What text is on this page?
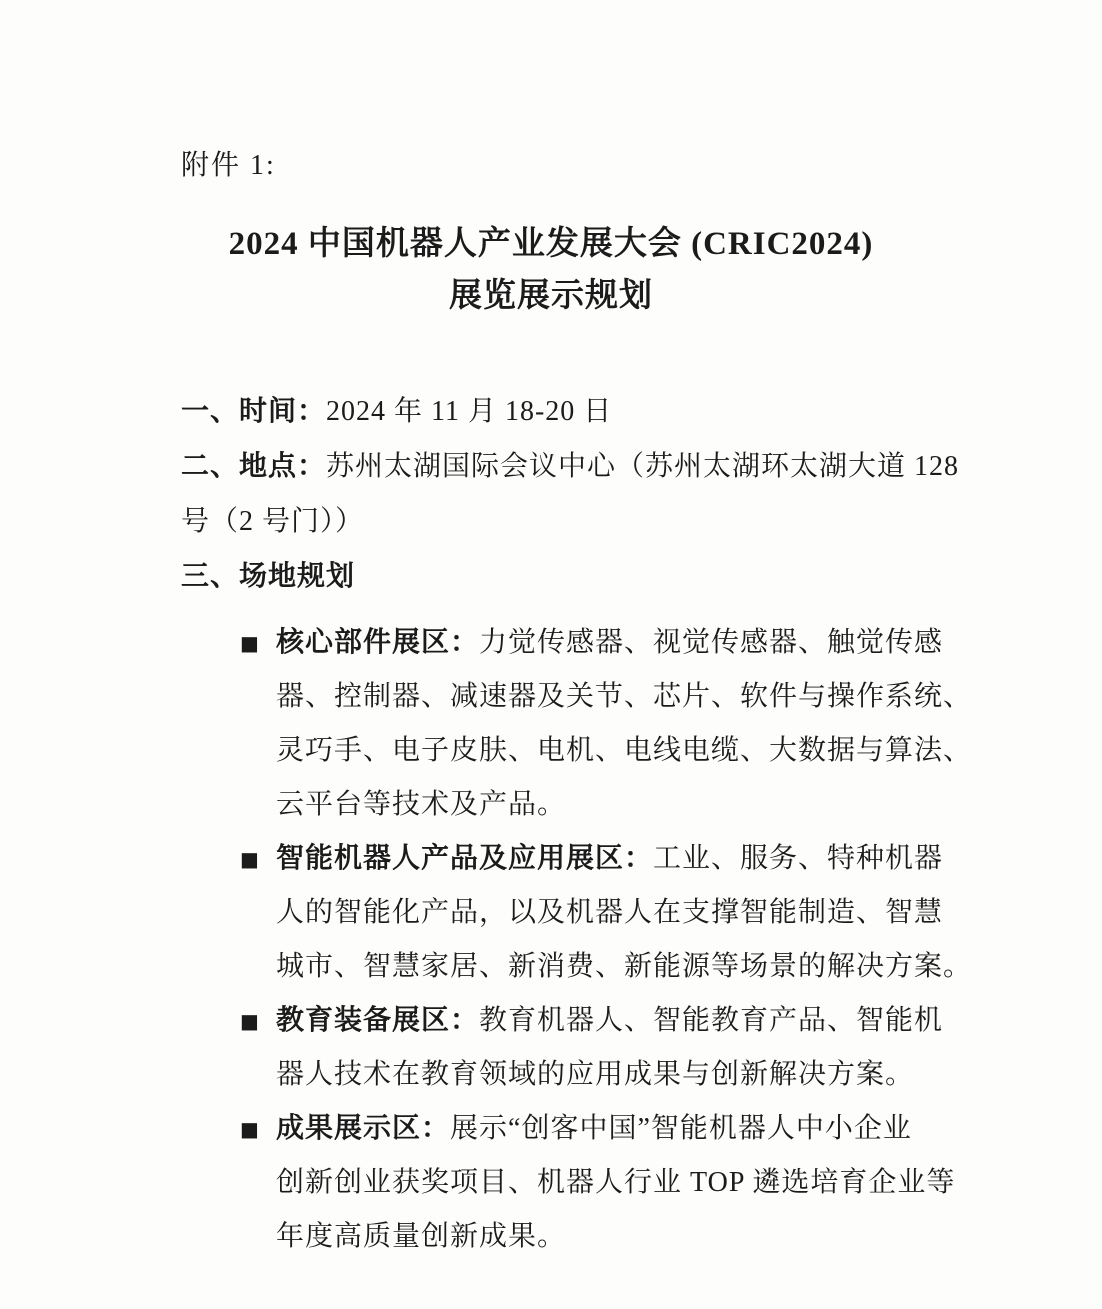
附件 1:
2024 中国机器人产业发展大会 (CRIC2024)
展览展示规划
一、时间：2024 年 11 月 18-20 日
二、地点：苏州太湖国际会议中心（苏州太湖环太湖大道 128
号（2 号门））
三、场地规划
■ 核心部件展区：力觉传感器、视觉传感器、触觉传感
器、控制器、减速器及关节、芯片、软件与操作系统、
灵巧手、电子皮肤、电机、电线电缆、大数据与算法、
云平台等技术及产品。
■ 智能机器人产品及应用展区：工业、服务、特种机器
人的智能化产品，以及机器人在支撑智能制造、智慧
城市、智慧家居、新消费、新能源等场景的解决方案。
■ 教育装备展区：教育机器人、智能教育产品、智能机
器人技术在教育领域的应用成果与创新解决方案。
■ 成果展示区：展示“创客中国”智能机器人中小企业
创新创业获奖项目、机器人行业 TOP 遴选培育企业等
年度高质量创新成果。
